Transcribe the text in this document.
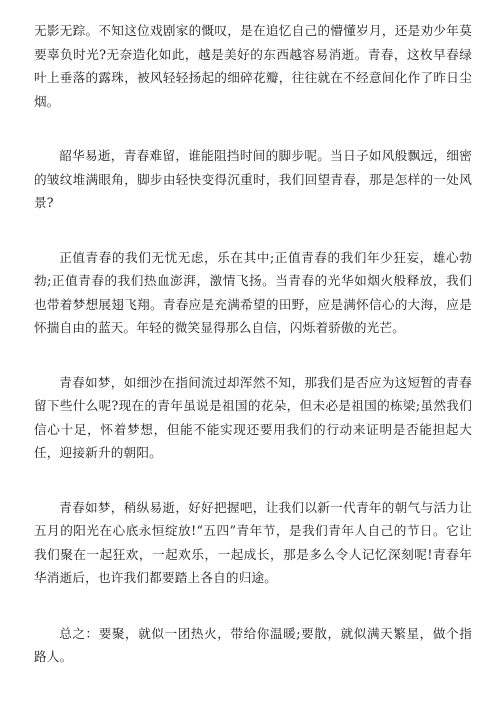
无影无踪。不知这位戏剧家的慨叹，是在追忆自己的懵懂岁月，还是劝少年莫要辜负时光?无奈造化如此，越是美好的东西越容易消逝。青春，这枚早春绿叶上垂落的露珠，被风轻轻扬起的细碎花瓣，往往就在不经意间化作了昨日尘烟。

韶华易逝，青春难留，谁能阻挡时间的脚步呢。当日子如风般飘远，细密的皱纹堆满眼角，脚步由轻快变得沉重时，我们回望青春，那是怎样的一处风景?

正值青春的我们无忧无虑，乐在其中;正值青春的我们年少狂妄，雄心勃勃;正值青春的我们热血澎湃，激情飞扬。当青春的光华如烟火般释放，我们也带着梦想展翅飞翔。青春应是充满希望的田野，应是满怀信心的大海，应是怀揣自由的蓝天。年轻的微笑显得那么自信，闪烁着骄傲的光芒。

青春如梦，如细沙在指间流过却浑然不知，那我们是否应为这短暂的青春留下些什么呢?现在的青年虽说是祖国的花朵，但未必是祖国的栋梁;虽然我们信心十足，怀着梦想，但能不能实现还要用我们的行动来证明是否能担起大任，迎接新升的朝阳。

青春如梦，稍纵易逝，好好把握吧，让我们以新一代青年的朝气与活力让五月的阳光在心底永恒绽放!“五四”青年节，是我们青年人自己的节日。它让我们聚在一起狂欢，一起欢乐，一起成长，那是多么令人记忆深刻呢!青春年华消逝后，也许我们都要踏上各自的归途。

总之：要聚，就似一团热火，带给你温暖;要散，就似满天繁星，做个指路人。
